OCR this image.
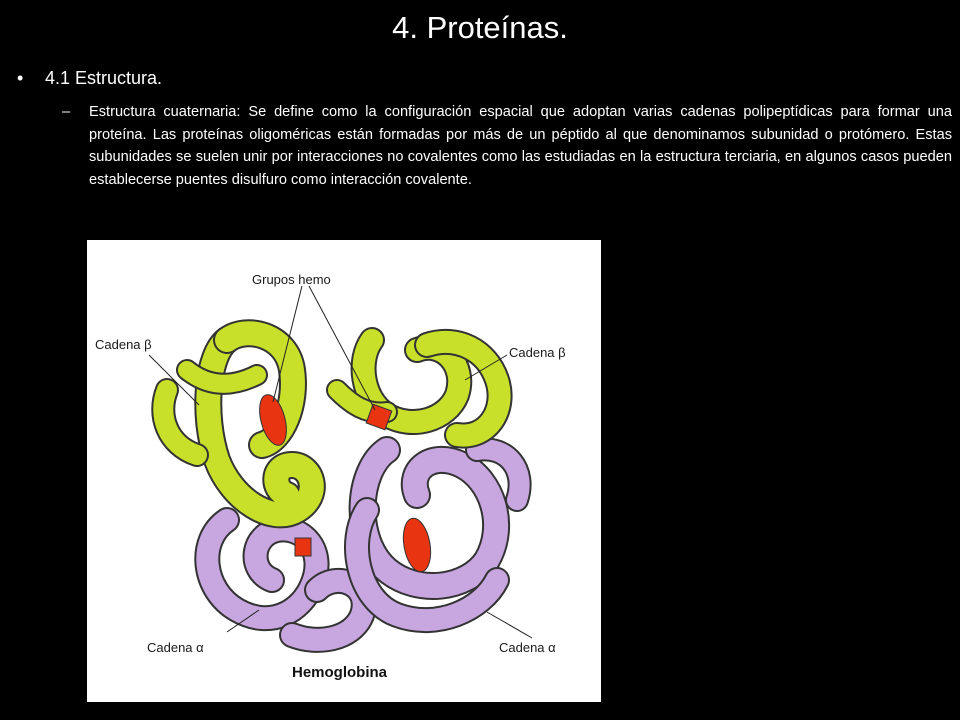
4. Proteínas.
•	4.1 Estructura.
–	Estructura cuaternaria: Se define como la configuración espacial que adoptan varias cadenas polipeptídicas para formar una proteína. Las proteínas oligoméricas están formadas por más de un péptido al que denominamos subunidad o protómero. Estas subunidades se suelen unir por interacciones no covalentes como las estudiadas en la estructura terciaria, en algunos casos pueden establecerse puentes disulfuro como interacción covalente.
Grupos hemo
Cadena β
Cadena β
Cadena α	Cadena α
Hemoglobina
